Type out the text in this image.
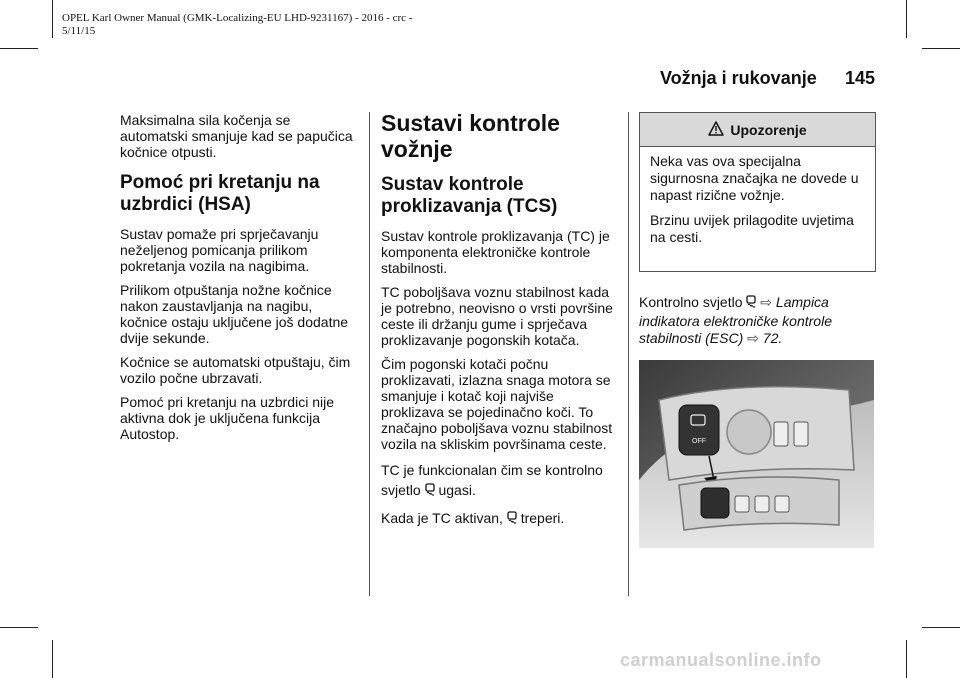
OPEL Karl Owner Manual (GMK-Localizing-EU LHD-9231167) - 2016 - crc -
5/11/15
Vožnja i rukovanje 145

Maksimalna sila kočenja se automatski smanjuje kad se papučica kočnice otpusti.

Pomoć pri kretanju na uzbrdici (HSA)

Sustav pomaže pri sprječavanju neželjenog pomicanja prilikom pokretanja vozila na nagibima.

Prilikom otpuštanja nožne kočnice nakon zaustavljanja na nagibu, kočnice ostaju uključene još dodatne dvije sekunde.

Kočnice se automatski otpuštaju, čim vozilo počne ubrzavati.

Pomoć pri kretanju na uzbrdici nije aktivna dok je uključena funkcija Autostop.

Sustavi kontrole vožnje
Sustav kontrole proklizavanja (TCS)

Sustav kontrole proklizavanja (TC) je komponenta elektroničke kontrole stabilnosti.

TC poboljšava voznu stabilnost kada je potrebno, neovisno o vrsti površine ceste ili držanju gume i sprječava proklizavanje pogonskih kotača.

Čim pogonski kotači počnu proklizavati, izlazna snaga motora se smanjuje i kotač koji najviše proklizava se pojedinačno koči. To značajno poboljšava voznu stabilnost vozila na skliskim površinama ceste.

TC je funkcionalan čim se kontrolno svjetlo ugasi.

Kada je TC aktivan, treperi.

Upozorenje

Neka vas ova specijalna sigurnosna značajka ne dovede u napast rizične vožnje.

Brzinu uvijek prilagodite uvjetima na cesti.

Kontrolno svjetlo ⇨ Lampica indikatora elektroničke kontrole stabilnosti (ESC) ⇨ 72.

OFF
carmanualsonline.info
